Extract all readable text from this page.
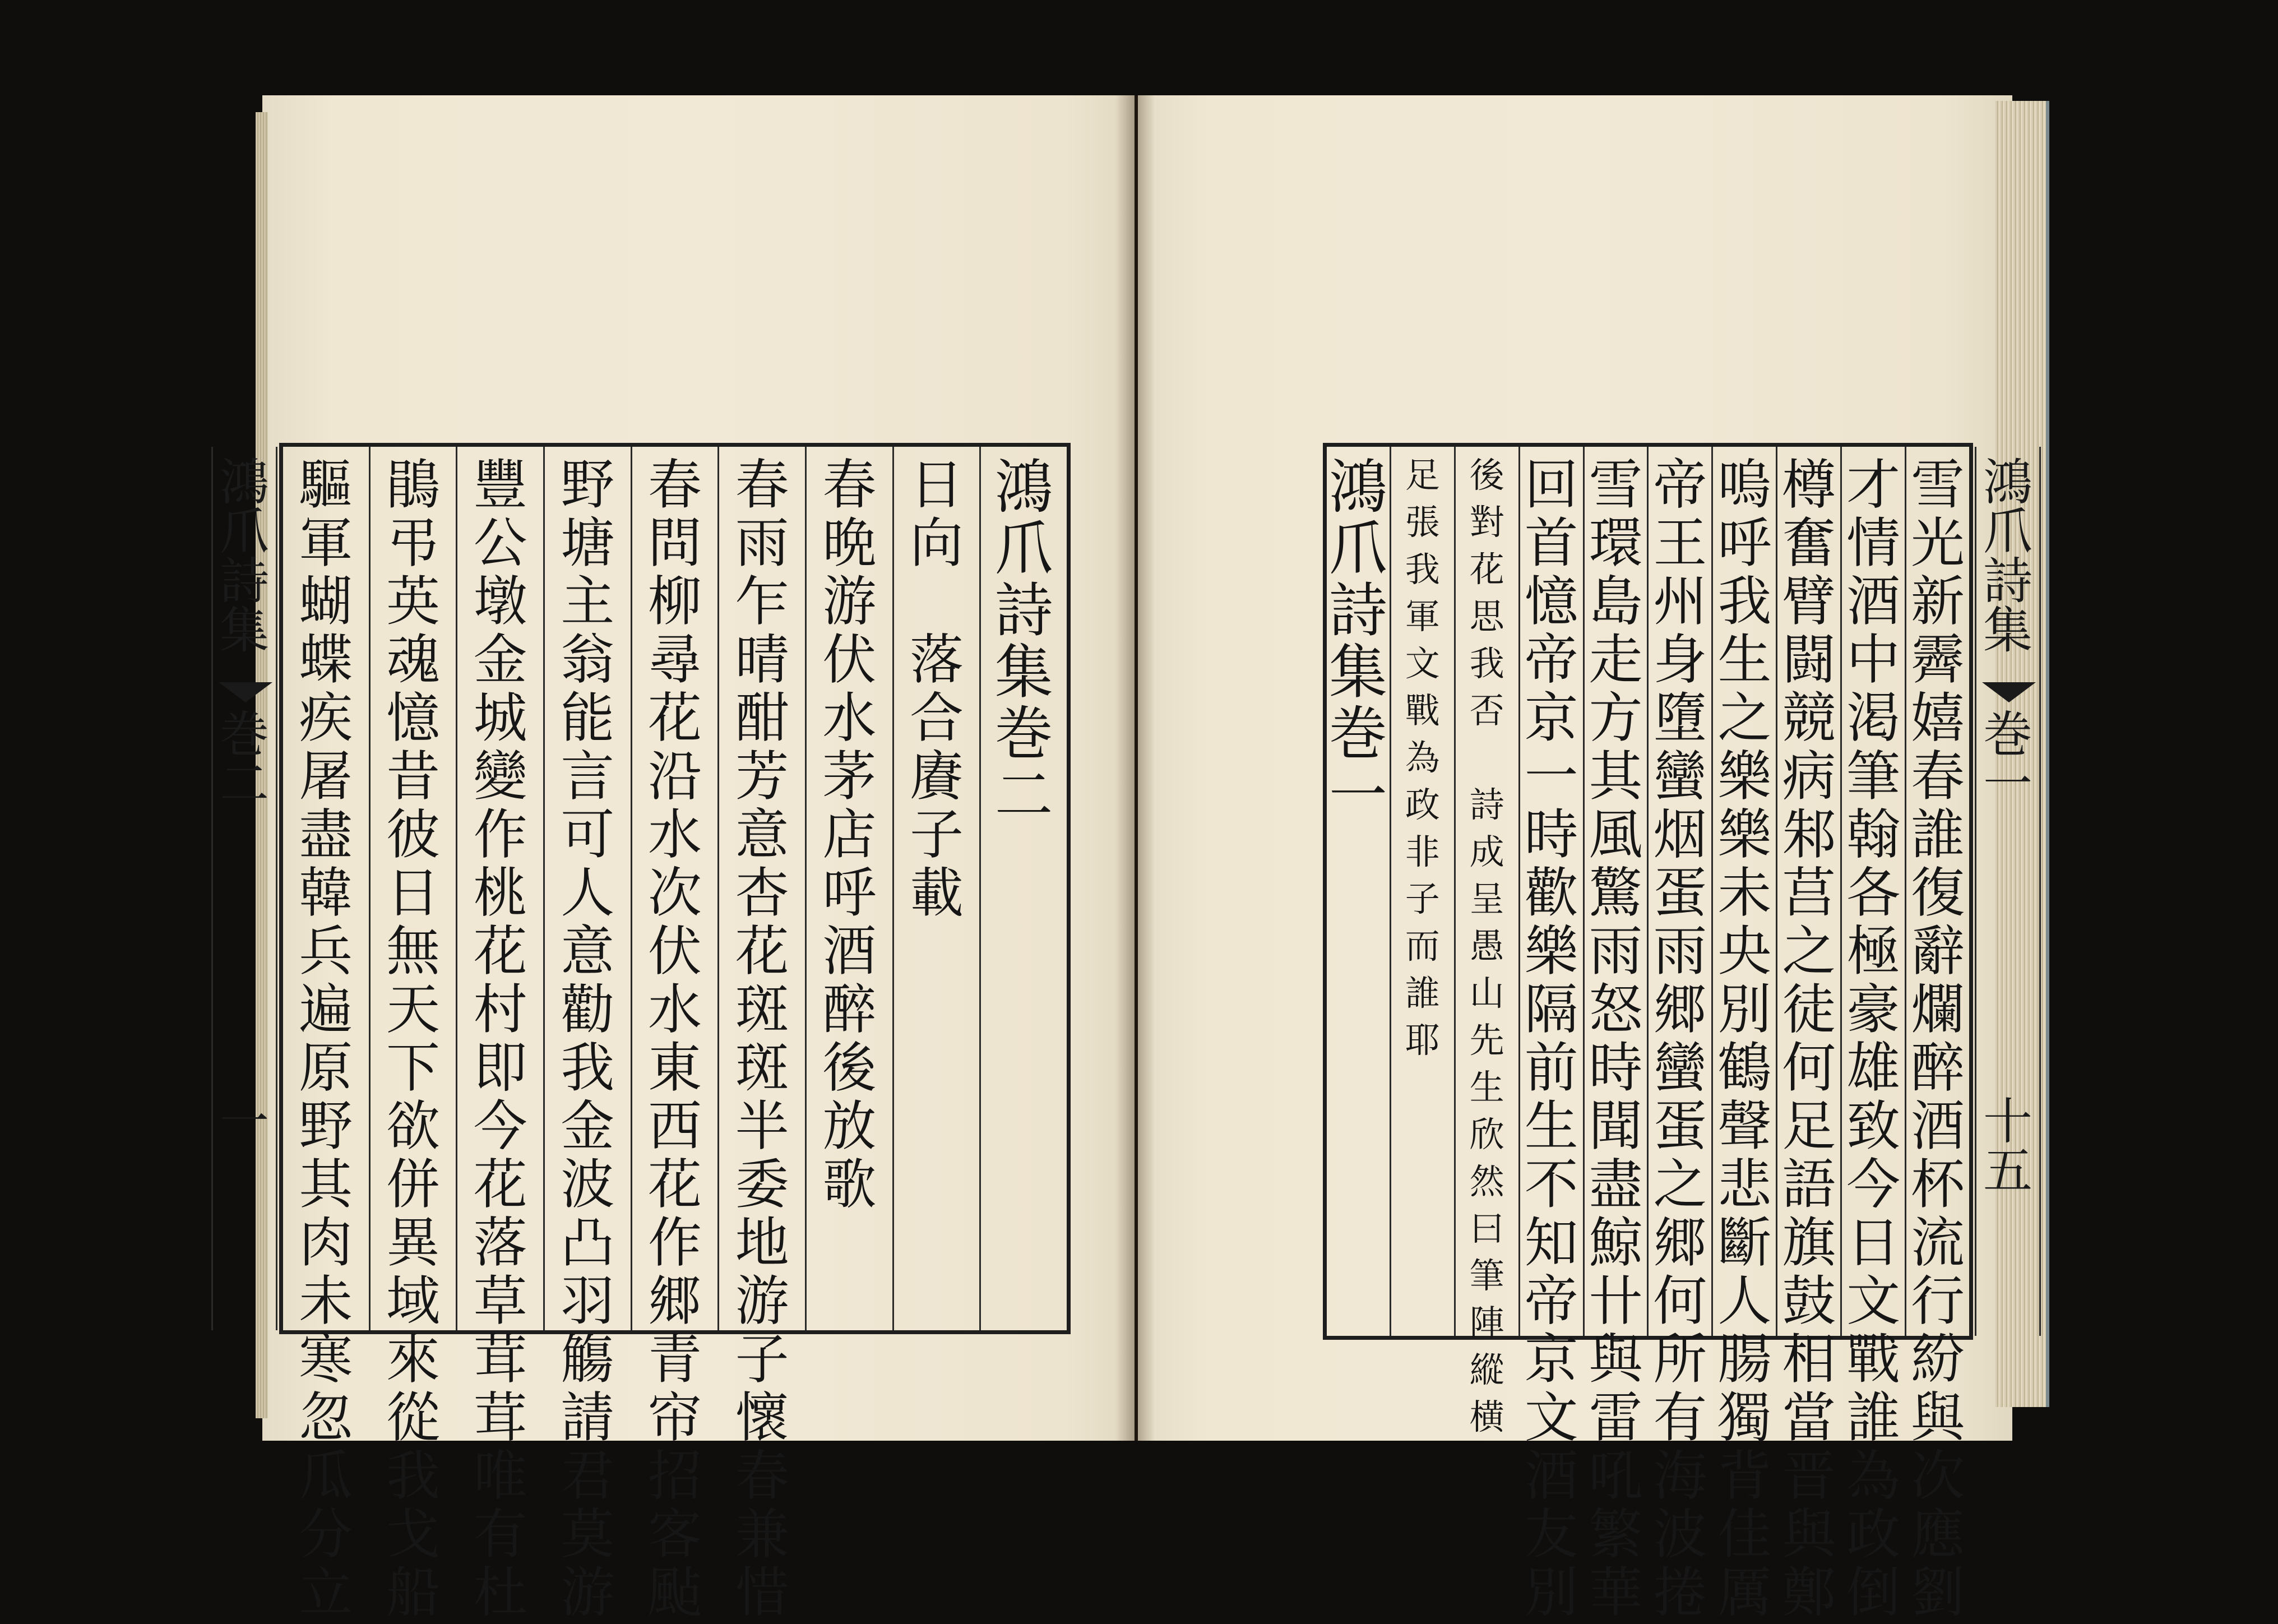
鴻爪詩集
巻二
一
鴻
爪
詩
集
巻
二
日
向

落
合
賡
子
載
春
晩
游
伏
水
茅
店
呼
酒
醉
後
放
歌
春
雨
乍
晴
酣
芳
意
杏
花
斑
斑
半
委
地
游
子
懷
春
兼
惜
春
問
柳
尋
花
沿
水
次
伏
水
東
西
花
作
郷
青
帘
招
客
颭
野
塘
主
翁
能
言
可
人
意
勸
我
金
波
凸
羽
觴
請
君
莫
游
豐
公
墩
金
城
變
作
桃
花
村
即
今
花
落
草
茸
茸
唯
有
杜
鵑
弔
英
魂
憶
昔
彼
日
無
天
下
欲
併
異
域
來
從
我
戈
船
驅
軍
蝴
蝶
疾
屠
盡
韓
兵
遍
原
野
其
肉
未
寒
忽
瓜
分
立
鴻爪詩集
巻一
十五
雪
光
新
霽
嬉
春
誰
復
辭
爛
醉
酒
杯
流
行
紛
與
次
應
劉
才
情
酒
中
渇
筆
翰
各
極
豪
雄
致
今
日
文
戰
誰
為
政
倒
樽
奮
臂
闘
競
病
邾
莒
之
徒
何
足
語
旗
鼓
相
當
晋
與
鄭
嗚
呼
我
生
之
樂
樂
未
央
別
鶴
聲
悲
斷
人
腸
獨
背
佳
厲
帝
王
州
身
墮
蠻
烟
蛋
雨
郷
蠻
蛋
之
郷
何
所
有
海
波
捲
雪
環
島
走
方
其
風
驚
雨
怒
時
聞
盡
鯨
卄
與
雷
吼
繁
華
回
首
憶
帝
京
一
時
歡
樂
隔
前
生
不
知
帝
京
文
酒
友
別
後
對
花
思
我
否

詩
成
呈
愚
山
先
生
欣
然
曰
筆
陣
縱
横
足
張
我
軍
文
戰
為
政
非
子
而
誰
耶
鴻
爪
詩
集
巻
一
